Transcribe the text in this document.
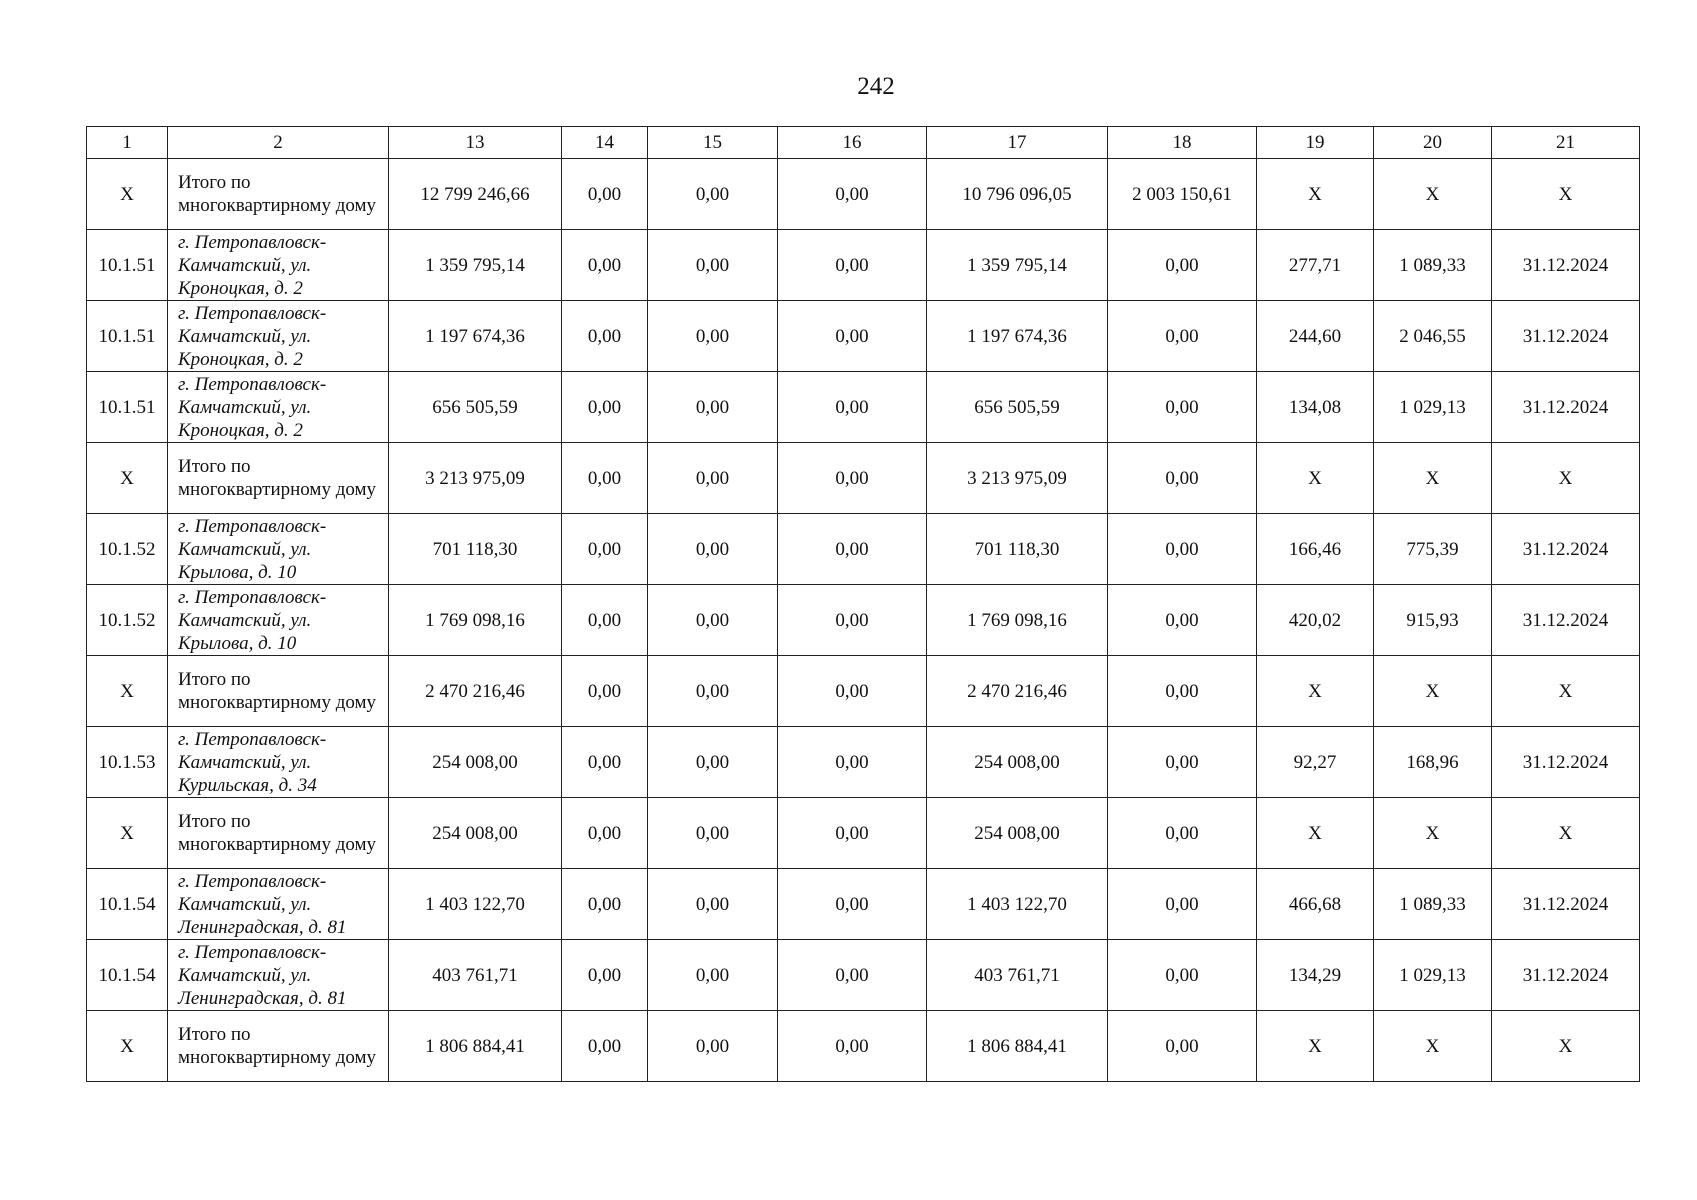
242
1	2	13	14	15	16	17	18	19	20	21
X	Итого по многоквартирному дому	12 799 246,66	0,00	0,00	0,00	10 796 096,05	2 003 150,61	X	X	X
10.1.51	г. Петропавловск-Камчатский, ул. Кроноцкая, д. 2	1 359 795,14	0,00	0,00	0,00	1 359 795,14	0,00	277,71	1 089,33	31.12.2024
10.1.51	г. Петропавловск-Камчатский, ул. Кроноцкая, д. 2	1 197 674,36	0,00	0,00	0,00	1 197 674,36	0,00	244,60	2 046,55	31.12.2024
10.1.51	г. Петропавловск-Камчатский, ул. Кроноцкая, д. 2	656 505,59	0,00	0,00	0,00	656 505,59	0,00	134,08	1 029,13	31.12.2024
X	Итого по многоквартирному дому	3 213 975,09	0,00	0,00	0,00	3 213 975,09	0,00	X	X	X
10.1.52	г. Петропавловск-Камчатский, ул. Крылова, д. 10	701 118,30	0,00	0,00	0,00	701 118,30	0,00	166,46	775,39	31.12.2024
10.1.52	г. Петропавловск-Камчатский, ул. Крылова, д. 10	1 769 098,16	0,00	0,00	0,00	1 769 098,16	0,00	420,02	915,93	31.12.2024
X	Итого по многоквартирному дому	2 470 216,46	0,00	0,00	0,00	2 470 216,46	0,00	X	X	X
10.1.53	г. Петропавловск-Камчатский, ул. Курильская, д. 34	254 008,00	0,00	0,00	0,00	254 008,00	0,00	92,27	168,96	31.12.2024
X	Итого по многоквартирному дому	254 008,00	0,00	0,00	0,00	254 008,00	0,00	X	X	X
10.1.54	г. Петропавловск-Камчатский, ул. Ленинградская, д. 81	1 403 122,70	0,00	0,00	0,00	1 403 122,70	0,00	466,68	1 089,33	31.12.2024
10.1.54	г. Петропавловск-Камчатский, ул. Ленинградская, д. 81	403 761,71	0,00	0,00	0,00	403 761,71	0,00	134,29	1 029,13	31.12.2024
X	Итого по многоквартирному дому	1 806 884,41	0,00	0,00	0,00	1 806 884,41	0,00	X	X	X
